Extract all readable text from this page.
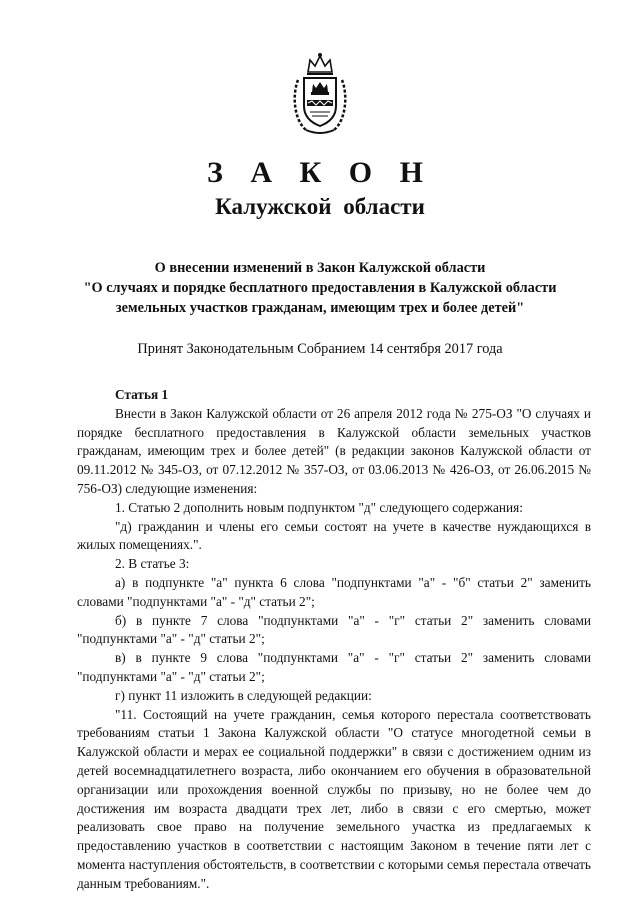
З А К О Н
Калужской области
О внесении изменений в Закон Калужской области
"О случаях и порядке бесплатного предоставления в Калужской области
земельных участков гражданам, имеющим трех и более детей"
Принят Законодательным Собранием 14 сентября 2017 года

Статья 1

Внести в Закон Калужской области от 26 апреля 2012 года № 275-ОЗ "О случаях и порядке бесплатного предоставления в Калужской области земельных участков гражданам, имеющим трех и более детей" (в редакции законов Калужской области от 09.11.2012 № 345-ОЗ, от 07.12.2012 № 357-ОЗ, от 03.06.2013 № 426-ОЗ, от 26.06.2015 № 756-ОЗ) следующие изменения:

1. Статью 2 дополнить новым подпунктом "д" следующего содержания:

"д) гражданин и члены его семьи состоят на учете в качестве нуждающихся в жилых помещениях.".

2. В статье 3:

а) в подпункте "а" пункта 6 слова "подпунктами "а" - "б" статьи 2" заменить словами "подпунктами "а" - "д" статьи 2";

б) в пункте 7 слова "подпунктами "а" - "г" статьи 2" заменить словами "подпунктами "а" - "д" статьи 2";

в) в пункте 9 слова "подпунктами "а" - "г" статьи 2" заменить словами "подпунктами "а" - "д" статьи 2";

г) пункт 11 изложить в следующей редакции:

"11. Состоящий на учете гражданин, семья которого перестала соответствовать требованиям статьи 1 Закона Калужской области "О статусе многодетной семьи в Калужской области и мерах ее социальной поддержки" в связи с достижением одним из детей восемнадцатилетнего возраста, либо окончанием его обучения в образовательной организации или прохождения военной службы по призыву, но не более чем до достижения им возраста двадцати трех лет, либо в связи с его смертью, может реализовать свое право на получение земельного участка из предлагаемых к предоставлению участков в соответствии с настоящим Законом в течение пяти лет с момента наступления обстоятельств, в соответствии с которыми семья перестала отвечать данным требованиям.".
